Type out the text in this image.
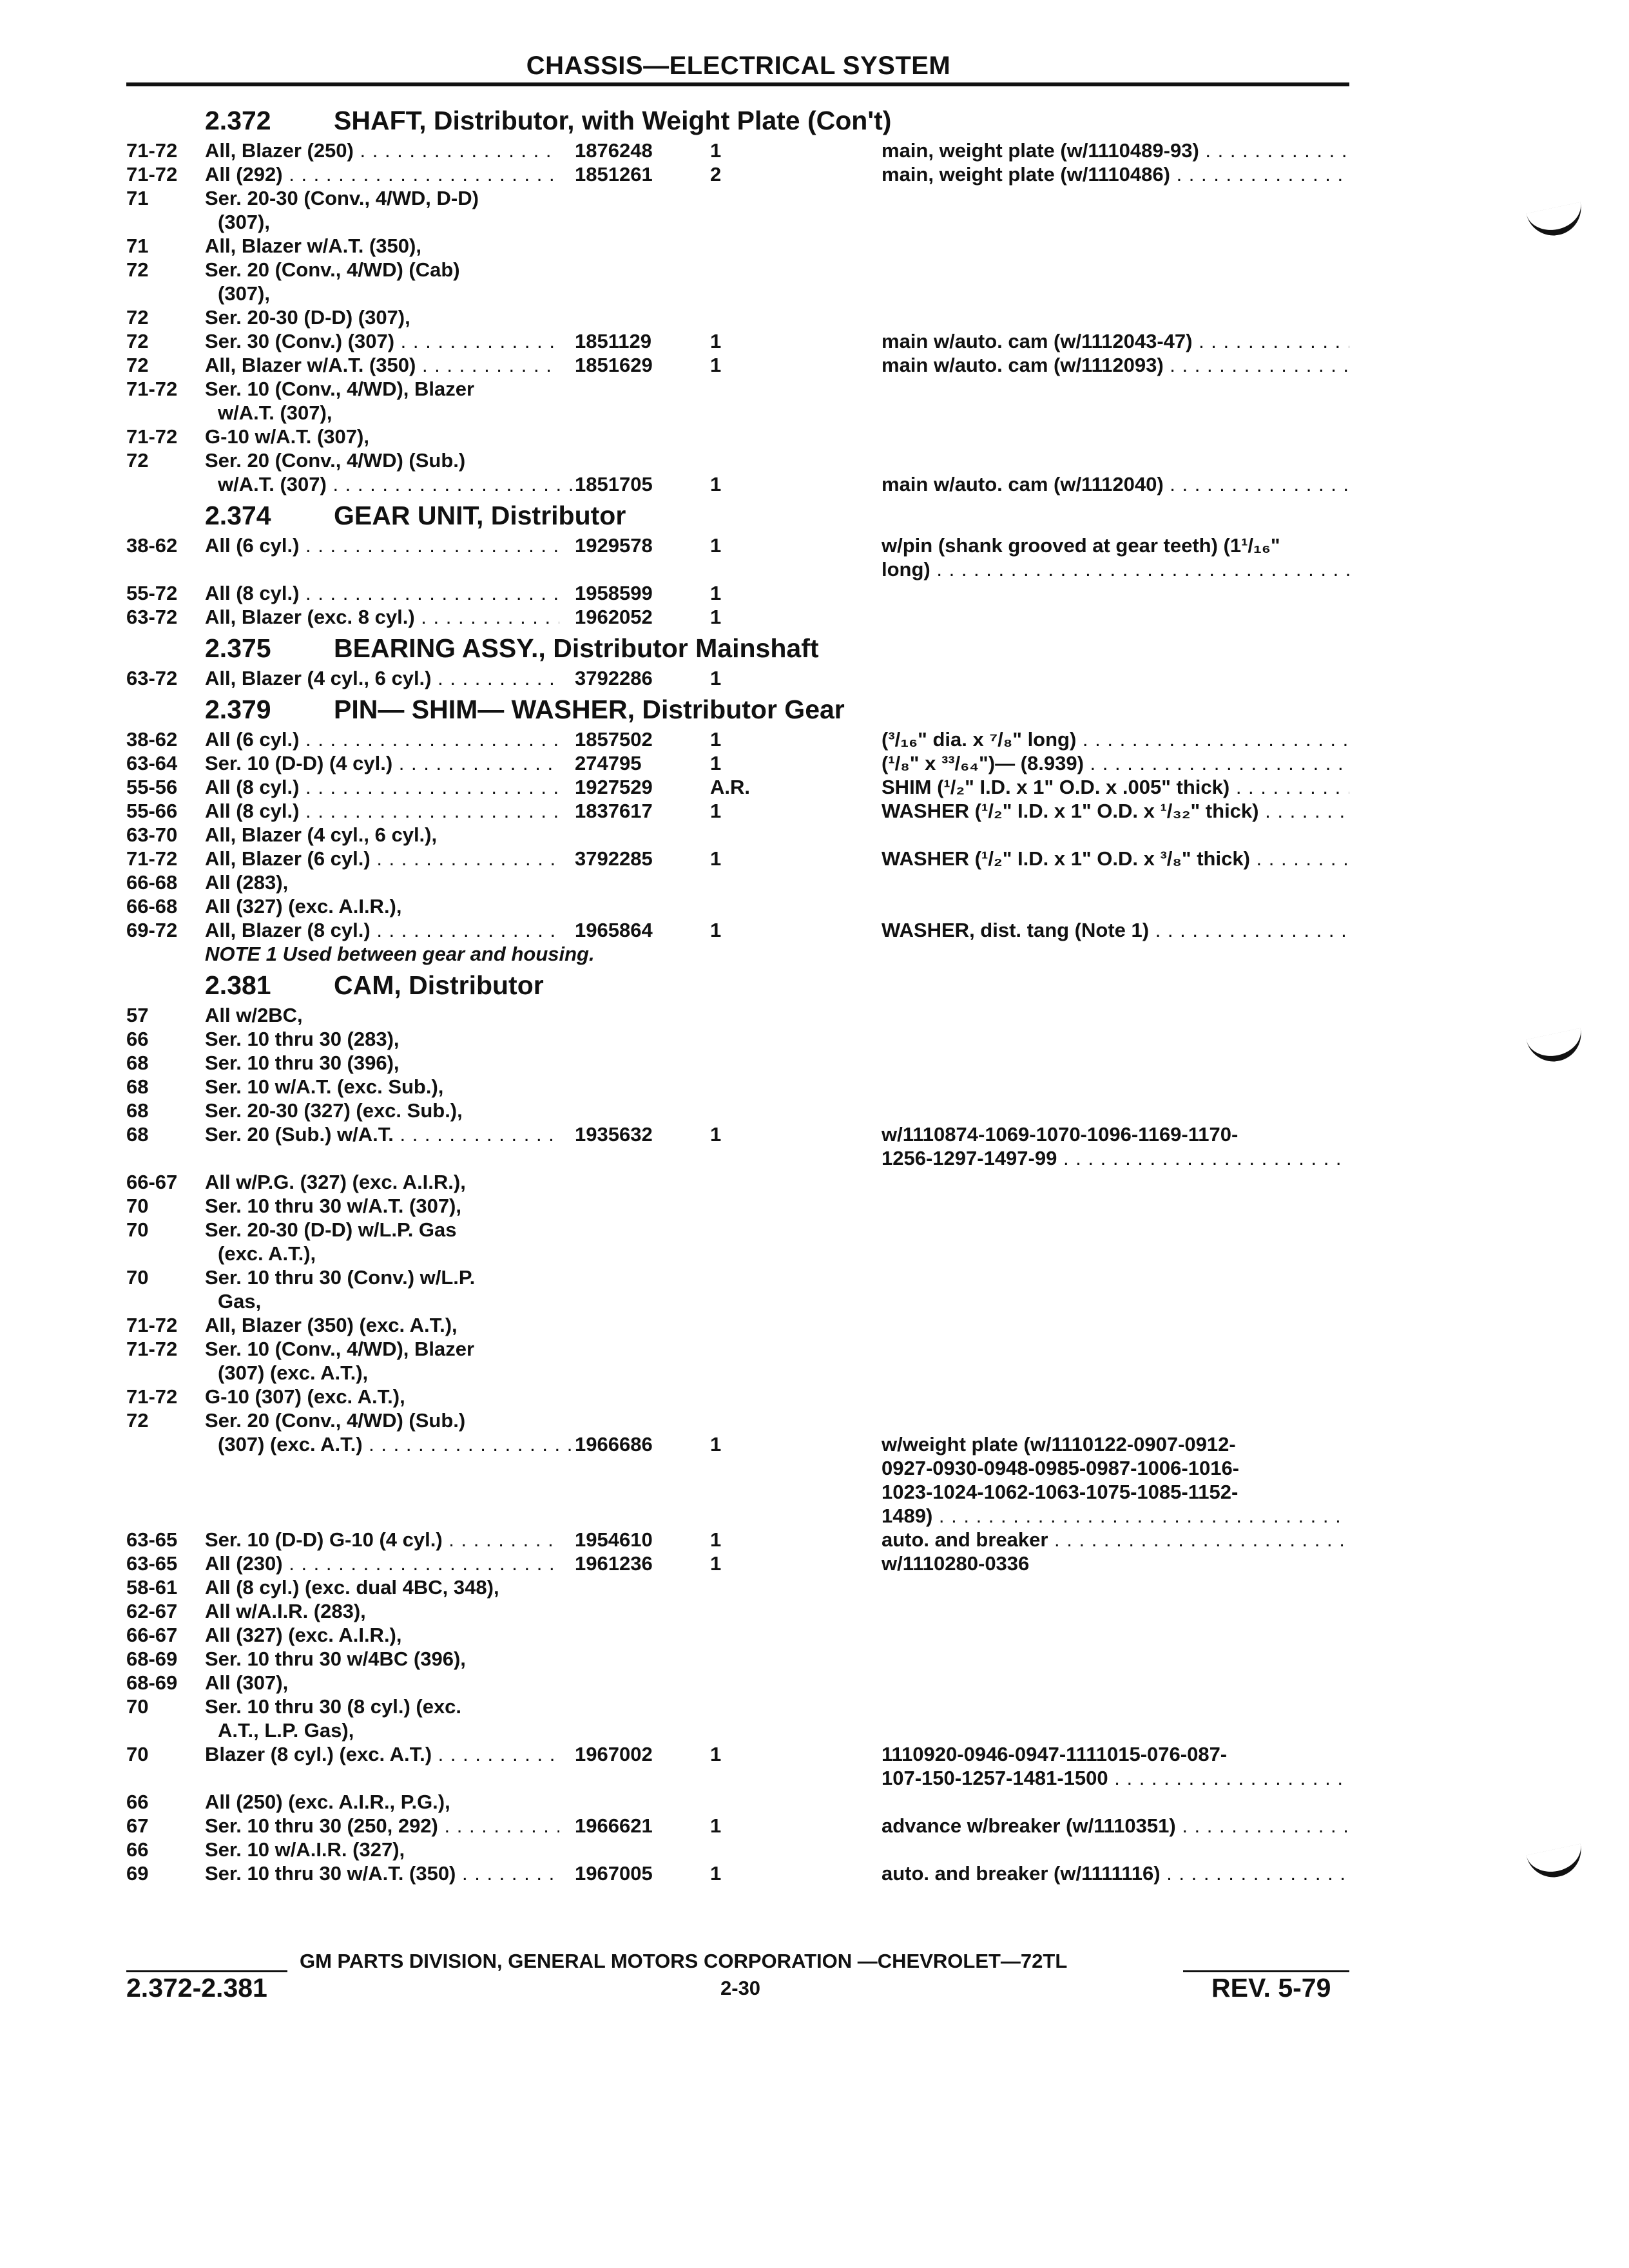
CHASSIS—ELECTRICAL SYSTEM
2.372 SHAFT, Distributor, with Weight Plate (Con't)
71-72 All, Blazer (250) . . .	1876248	1	main, weight plate (w/1110489-93) . . .
71-72 All (292) . . .	1851261	2	main, weight plate (w/1110486) . . .
71	Ser. 20-30 (Conv., 4/WD, D-D)
(307),
71	All, Blazer w/A.T. (350),
72	Ser. 20 (Conv., 4/WD) (Cab)
(307),
72	Ser. 20-30 (D-D) (307),
72	Ser. 30 (Conv.) (307) . . .	1851129	1	main w/auto. cam (w/1112043-47) . . .
72	All, Blazer w/A.T. (350) . . .	1851629	1	main w/auto. cam (w/1112093) . . .
71-72 Ser. 10 (Conv., 4/WD), Blazer
w/A.T. (307),
71-72 G-10 w/A.T. (307),
72	Ser. 20 (Conv., 4/WD) (Sub.)
w/A.T. (307) . . .	1851705	1	main w/auto. cam (w/1112040) . . .
2.374 GEAR UNIT, Distributor
38-62 All (6 cyl.) . . .	1929578	1	w/pin (shank grooved at gear teeth) (1¹/₁₆"
long) . . .
55-72 All (8 cyl.) . . .	1958599	1
63-72 All, Blazer (exc. 8 cyl.) . . .	1962052	1
2.375 BEARING ASSY., Distributor Mainshaft
63-72 All, Blazer (4 cyl., 6 cyl.) . . .	3792286	1
2.379 PIN— SHIM— WASHER, Distributor Gear
38-62 All (6 cyl.) . . .	1857502	1	(³/₁₆" dia. x ⁷/₈" long) . . .
63-64 Ser. 10 (D-D) (4 cyl.) . . .	274795	1	(¹/₈" x ³³/₆₄")— (8.939) . . .
55-56 All (8 cyl.) . . .	1927529	A.R.	SHIM (¹/₂" I.D. x 1" O.D. x .005" thick) . . .
55-66 All (8 cyl.) . . .	1837617	1	WASHER (¹/₂" I.D. x 1" O.D. x ¹/₃₂" thick) . . .
63-70 All, Blazer (4 cyl., 6 cyl.),
71-72 All, Blazer (6 cyl.) . . .	3792285	1	WASHER (¹/₂" I.D. x 1" O.D. x ³/₈" thick) . . .
66-68 All (283),
66-68 All (327) (exc. A.I.R.),
69-72 All, Blazer (8 cyl.) . . .	1965864	1	WASHER, dist. tang (Note 1) . . .
NOTE 1 Used between gear and housing.
2.381 CAM, Distributor
57	All w/2BC,
66	Ser. 10 thru 30 (283),
68	Ser. 10 thru 30 (396),
68	Ser. 10 w/A.T. (exc. Sub.),
68	Ser. 20-30 (327) (exc. Sub.),
68	Ser. 20 (Sub.) w/A.T. . . .	1935632	1	w/1110874-1069-1070-1096-1169-1170-
1256-1297-1497-99 . . .
66-67 All w/P.G. (327) (exc. A.I.R.),
70	Ser. 10 thru 30 w/A.T. (307),
70	Ser. 20-30 (D-D) w/L.P. Gas
(exc. A.T.),
70	Ser. 10 thru 30 (Conv.) w/L.P.
Gas,
71-72 All, Blazer (350) (exc. A.T.),
71-72 Ser. 10 (Conv., 4/WD), Blazer
(307) (exc. A.T.),
71-72 G-10 (307) (exc. A.T.),
72	Ser. 20 (Conv., 4/WD) (Sub.)
(307) (exc. A.T.) . . .	1966686	1	w/weight plate (w/1110122-0907-0912-
0927-0930-0948-0985-0987-1006-1016-
1023-1024-1062-1063-1075-1085-1152-
1489) . . .
63-65 Ser. 10 (D-D) G-10 (4 cyl.) . . .	1954610	1	auto. and breaker . . .
63-65 All (230) . . .	1961236	1	w/1110280-0336
58-61 All (8 cyl.) (exc. dual 4BC, 348),
62-67 All w/A.I.R. (283),
66-67 All (327) (exc. A.I.R.),
68-69 Ser. 10 thru 30 w/4BC (396),
68-69 All (307),
70	Ser. 10 thru 30 (8 cyl.) (exc.
A.T., L.P. Gas),
70	Blazer (8 cyl.) (exc. A.T.) . . .	1967002	1	1110920-0946-0947-1111015-076-087-
107-150-1257-1481-1500 . . .
66	All (250) (exc. A.I.R., P.G.),
67	Ser. 10 thru 30 (250, 292) . . .	1966621	1	advance w/breaker (w/1110351) . . .
66	Ser. 10 w/A.I.R. (327),
69	Ser. 10 thru 30 w/A.T. (350) . . .	1967005	1	auto. and breaker (w/1111116) . . .
GM PARTS DIVISION, GENERAL MOTORS CORPORATION —CHEVROLET—72TL
2.372-2.381	2-30	REV. 5-79
